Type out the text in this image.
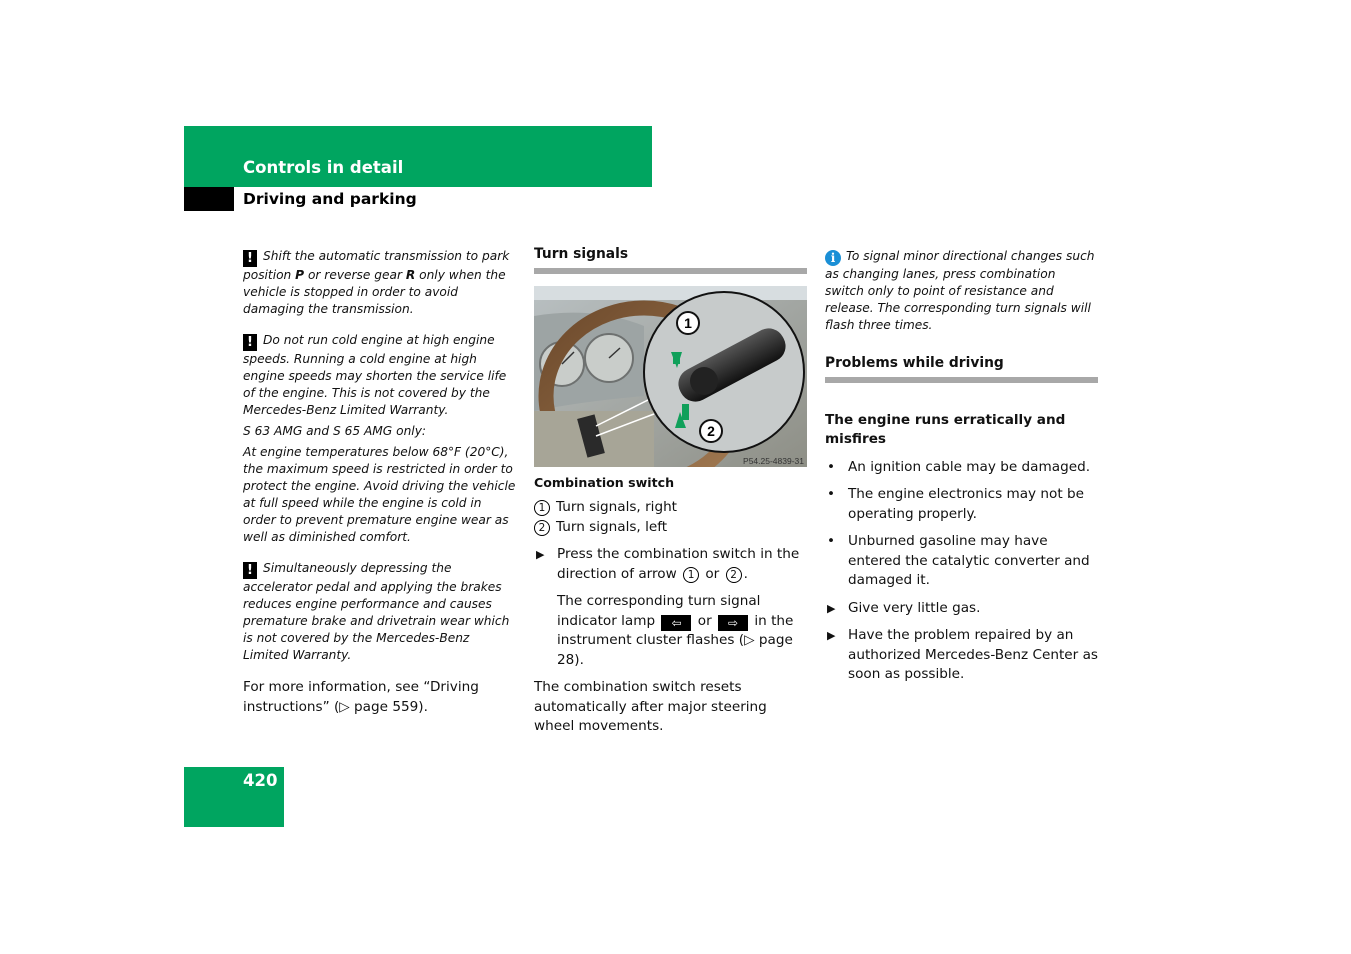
Controls in detail
Driving and parking
! Shift the automatic transmission to park position P or reverse gear R only when the vehicle is stopped in order to avoid damaging the transmission.
! Do not run cold engine at high engine speeds. Running a cold engine at high engine speeds may shorten the service life of the engine. This is not covered by the Mercedes-Benz Limited Warranty.
S 63 AMG and S 65 AMG only:
At engine temperatures below 68°F (20°C), the maximum speed is restricted in order to protect the engine. Avoid driving the vehicle at full speed while the engine is cold in order to prevent premature engine wear as well as diminished comfort.
! Simultaneously depressing the accelerator pedal and applying the brakes reduces engine performance and causes premature brake and drivetrain wear which is not covered by the Mercedes-Benz Limited Warranty.

For more information, see “Driving instructions” (▷ page 559).

Turn signals
1
2
P54.25-4839-31
Combination switch
1 Turn signals, right
2 Turn signals, left
▶ Press the combination switch in the direction of arrow 1 or 2 .
The corresponding turn signal indicator lamp ⇦ or ⇨ in the instrument cluster flashes (▷ page 28).

The combination switch resets automatically after major steering wheel movements.

i To signal minor directional changes such as changing lanes, press combination switch only to point of resistance and release. The corresponding turn signals will flash three times.
Problems while driving
The engine runs erratically and misfires
• An ignition cable may be damaged.
• The engine electronics may not be operating properly.
• Unburned gasoline may have entered the catalytic converter and damaged it.
▶ Give very little gas.
▶ Have the problem repaired by an authorized Mercedes-Benz Center as soon as possible.
420
